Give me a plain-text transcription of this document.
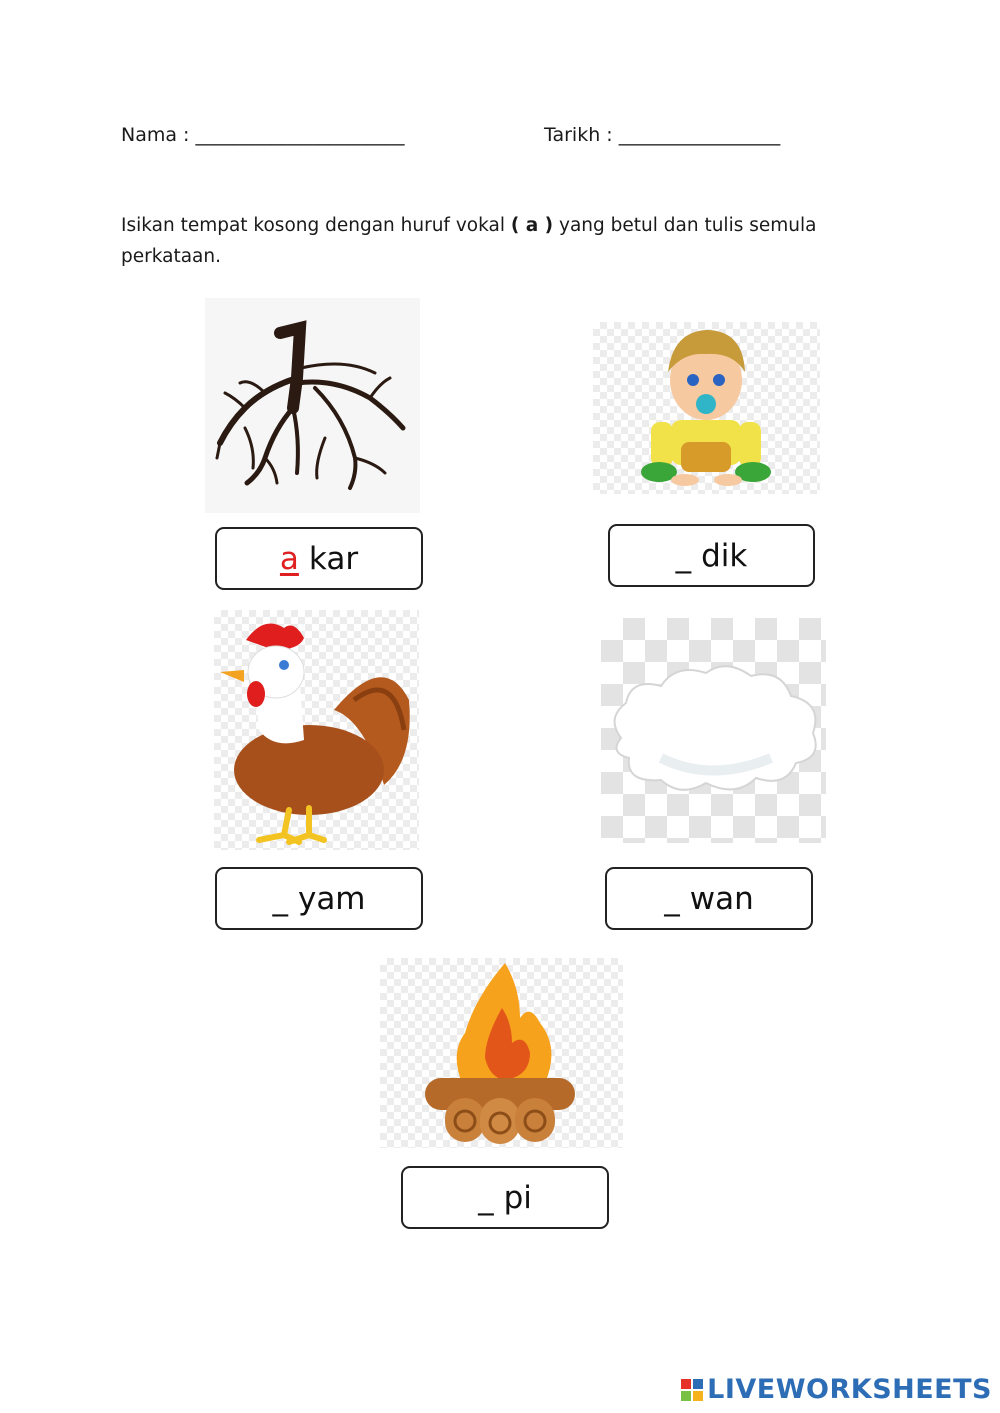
Nama : ______________________	Tarikh : _________________
Isikan tempat kosong dengan huruf vokal ( a ) yang betul dan tulis semula perkataan.
a kar	_ dik
_ yam	_ wan
_ pi
LIVEWORKSHEETS
